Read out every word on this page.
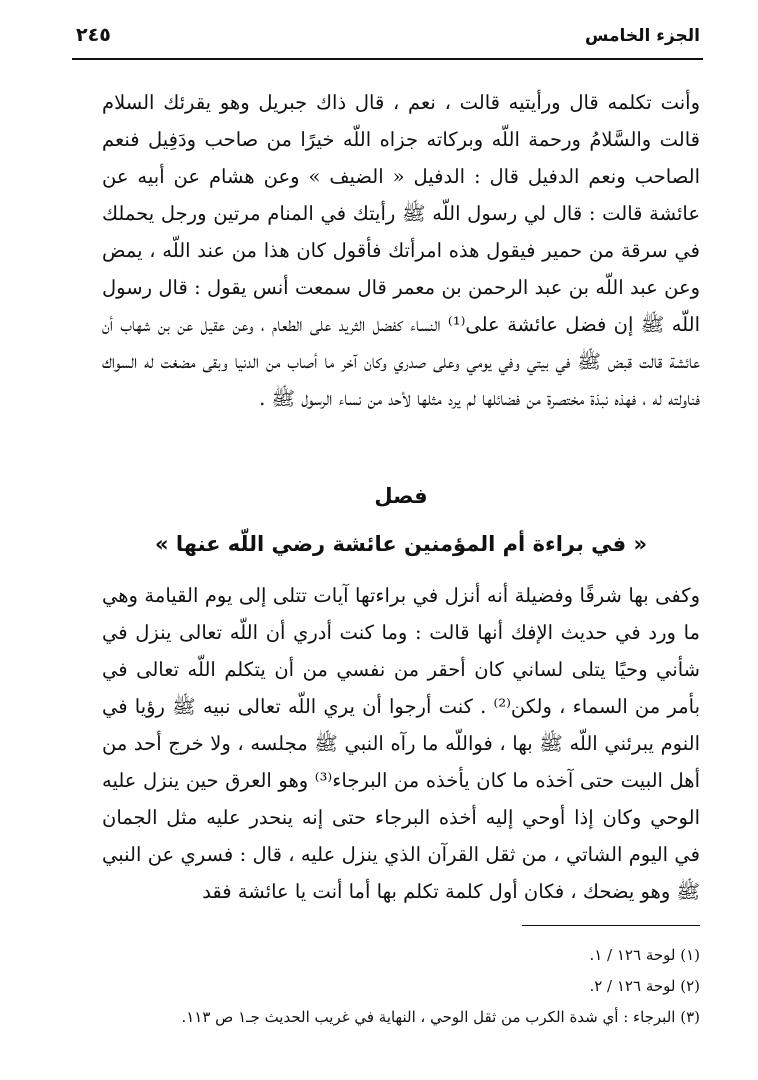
الجزء الخامس
٢٤٥

وأنت تكلمه قال ورأيتيه قالت ، نعم ، قال ذاك جبريل وهو يقرئك السلام قالت والسَّلامُ ورحمة اللّه وبركاته جزاه اللّه خيرًا من صاحب ودَفِيل فنعم الصاحب ونعم الدفيل قال : الدفيل « الضيف » وعن هشام عن أبيه عن عائشة قالت : قال لي رسول اللّه ﷺ رأيتك في المنام مرتين ورجل يحملك في سرقة من حمير فيقول هذه امرأتك فأقول كان هذا من عند اللّه ، يمض وعن عبد اللّه بن عبد الرحمن بن معمر قال سمعت أنس يقول : قال رسول اللّه ﷺ إن فضل عائشة على⁽¹⁾ النساء كفضل الثريد على الطعام ، وعن عقيل عن بن شهاب أن عائشة قالت قبض ﷺ في بيتي وفي يومي وعلى صدري وكان آخر ما أصاب من الدنيا وبقى مضغت له السواك فناولته له ، فهذه نبذة مختصرة من فضائلها لم يرد مثلها لأحد من نساء الرسول ﷺ .

فصل
« في براءة أم المؤمنين عائشة رضي اللّه عنها »

وكفى بها شرفًا وفضيلة أنه أنزل في براءتها آيات تتلى إلى يوم القيامة وهي ما ورد في حديث الإفك أنها قالت : وما كنت أدري أن اللّه تعالى ينزل في شأني وحيًا يتلى لساني كان أحقر من نفسي من أن يتكلم اللّه تعالى في بأمر من السماء ، ولكن⁽²⁾ . كنت أرجوا أن يري اللّه تعالى نبيه ﷺ رؤيا في النوم يبرئني اللّه ﷺ بها ، فواللّه ما رآه النبي ﷺ مجلسه ، ولا خرج أحد من أهل البيت حتى آخذه ما كان يأخذه من البرجاء⁽³⁾ وهو العرق حين ينزل عليه الوحي وكان إذا أوحي إليه أخذه البرجاء حتى إنه ينحدر عليه مثل الجمان في اليوم الشاتي ، من ثقل القرآن الذي ينزل عليه ، قال : فسري عن النبي ﷺ وهو يضحك ، فكان أول كلمة تكلم بها أما أنت يا عائشة فقد

(١) لوحة ١٢٦ / ١.
(٢) لوحة ١٢٦ / ٢.
(٣) البرجاء : أي شدة الكرب من ثقل الوحي ، النهاية في غريب الحديث جـ١ ص ١١٣.
